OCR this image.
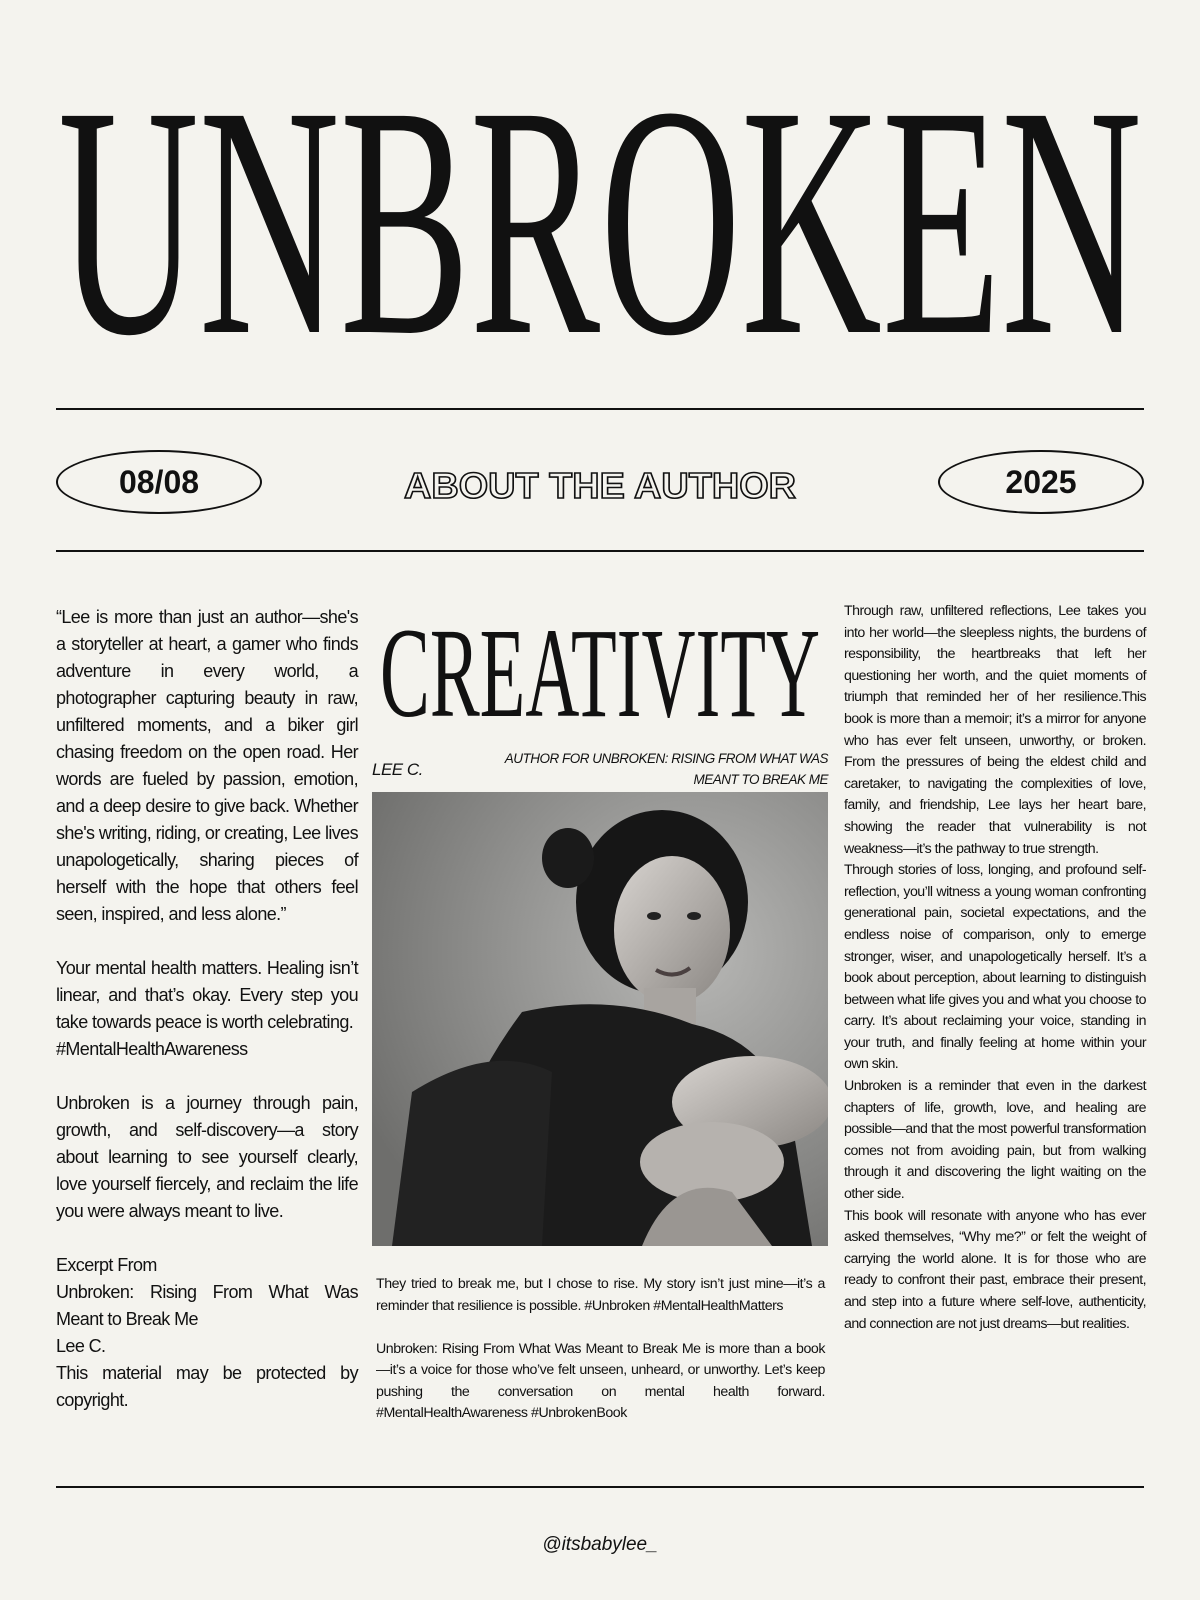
UNBROKEN
08/08	ABOUT THE AUTHOR	2025

“Lee is more than just an author—she's a storyteller at heart, a gamer who finds adventure in every world, a photographer capturing beauty in raw, unfiltered moments, and a biker girl chasing freedom on the open road. Her words are fueled by passion, emotion, and a deep desire to give back. Whether she's writing, riding, or creating, Lee lives unapologetically, sharing pieces of herself with the hope that others feel seen, inspired, and less alone.”

Your mental health matters. Healing isn’t linear, and that’s okay. Every step you take towards peace is worth celebrating.
#MentalHealthAwareness

Unbroken is a journey through pain, growth, and self-discovery—a story about learning to see yourself clearly, love yourself fiercely, and reclaim the life you were always meant to live.

Excerpt From
Unbroken: Rising From What Was Meant to Break Me
Lee C.

This material may be protected by copyright.

CREATIVITY
LEE C.
AUTHOR FOR UNBROKEN: RISING FROM WHAT WAS MEANT TO BREAK ME

They tried to break me, but I chose to rise. My story isn’t just mine—it’s a reminder that resilience is possible. #Unbroken #MentalHealthMatters

Unbroken: Rising From What Was Meant to Break Me is more than a book—it’s a voice for those who’ve felt unseen, unheard, or unworthy. Let’s keep pushing the conversation on mental health forward. #MentalHealthAwareness #UnbrokenBook

Through raw, unfiltered reflections, Lee takes you into her world—the sleepless nights, the burdens of responsibility, the heartbreaks that left her questioning her worth, and the quiet moments of triumph that reminded her of her resilience.This book is more than a memoir; it’s a mirror for anyone who has ever felt unseen, unworthy, or broken. From the pressures of being the eldest child and caretaker, to navigating the complexities of love, family, and friendship, Lee lays her heart bare, showing the reader that vulnerability is not weakness—it’s the pathway to true strength.

Through stories of loss, longing, and profound self-reflection, you’ll witness a young woman confronting generational pain, societal expectations, and the endless noise of comparison, only to emerge stronger, wiser, and unapologetically herself. It’s a book about perception, about learning to distinguish between what life gives you and what you choose to carry. It’s about reclaiming your voice, standing in your truth, and finally feeling at home within your own skin.

Unbroken is a reminder that even in the darkest chapters of life, growth, love, and healing are possible—and that the most powerful transformation comes not from avoiding pain, but from walking through it and discovering the light waiting on the other side.

This book will resonate with anyone who has ever asked themselves, “Why me?” or felt the weight of carrying the world alone. It is for those who are ready to confront their past, embrace their present, and step into a future where self-love, authenticity, and connection are not just dreams—but realities.

@itsbabylee_
